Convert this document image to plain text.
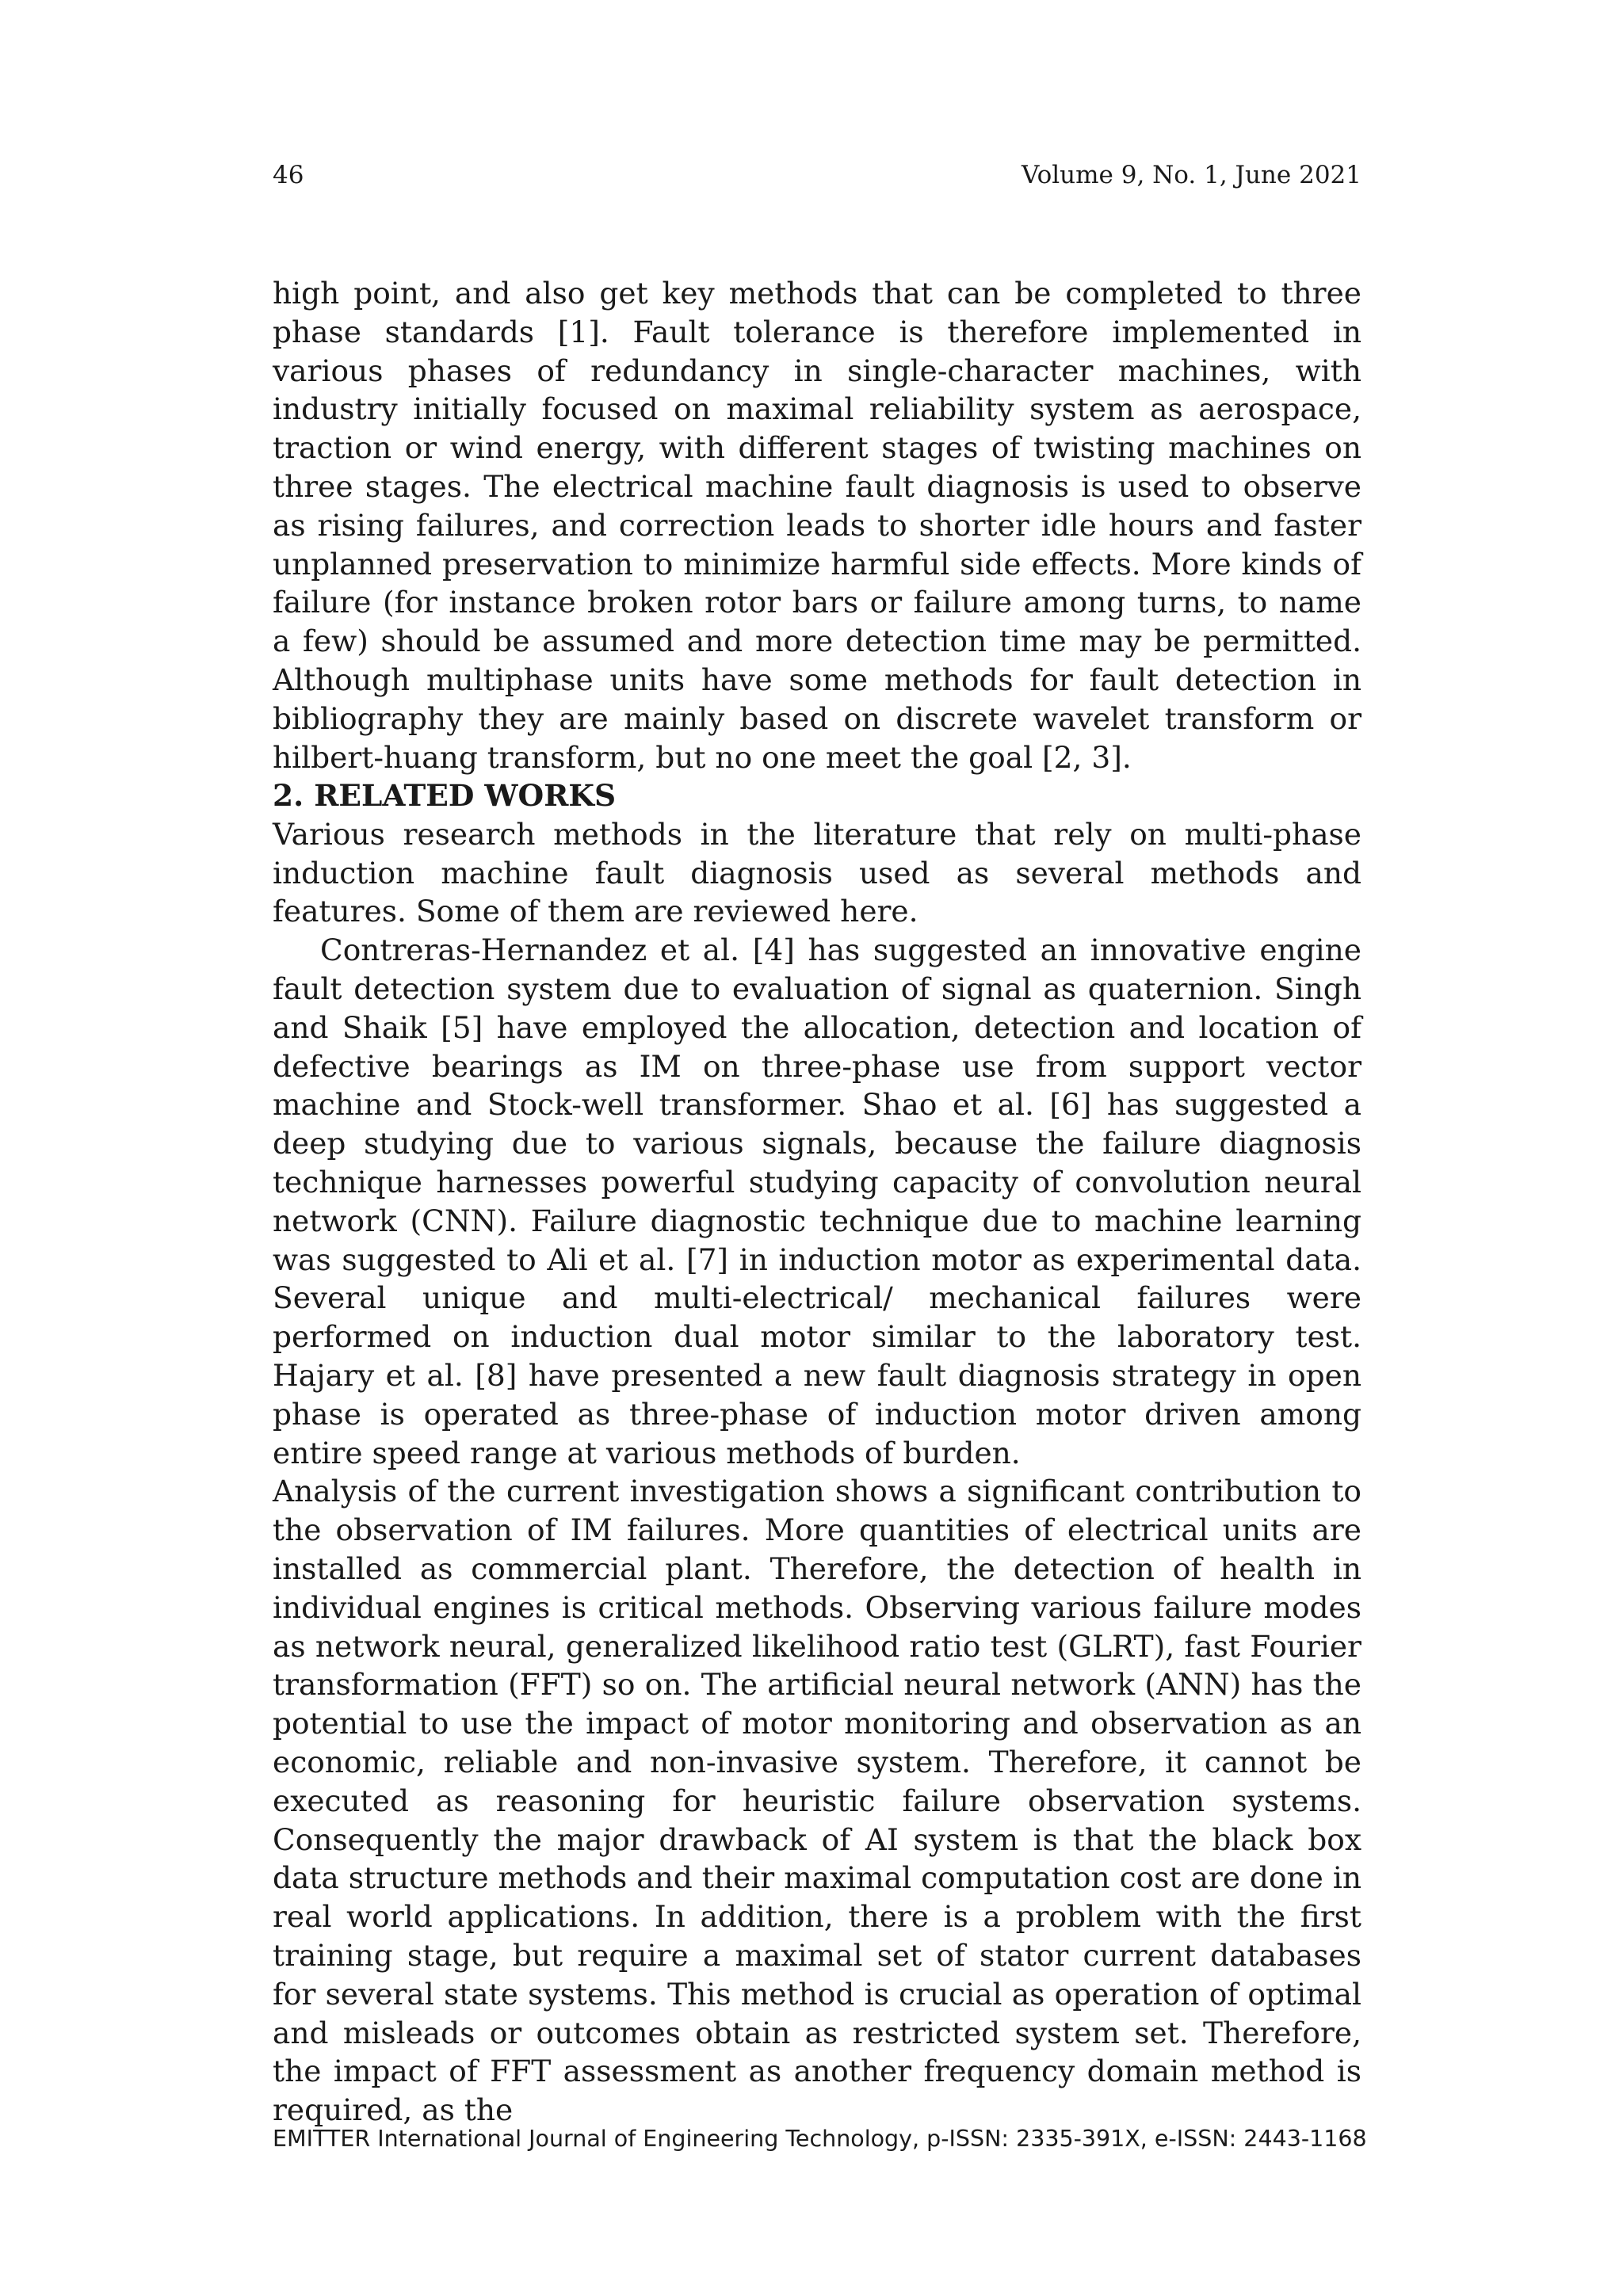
46	Volume 9, No. 1, June 2021

high point, and also get key methods that can be completed to three phase standards [1]. Fault tolerance is therefore implemented in various phases of redundancy in single-character machines, with industry initially focused on maximal reliability system as aerospace, traction or wind energy, with different stages of twisting machines on three stages. The electrical machine fault diagnosis is used to observe as rising failures, and correction leads to shorter idle hours and faster unplanned preservation to minimize harmful side effects. More kinds of failure (for instance broken rotor bars or failure among turns, to name a few) should be assumed and more detection time may be permitted. Although multiphase units have some methods for fault detection in bibliography they are mainly based on discrete wavelet transform or hilbert-huang transform, but no one meet the goal [2, 3].

2. RELATED WORKS

Various research methods in the literature that rely on multi-phase induction machine fault diagnosis used as several methods and features. Some of them are reviewed here.

Contreras-Hernandez et al. [4] has suggested an innovative engine fault detection system due to evaluation of signal as quaternion. Singh and Shaik [5] have employed the allocation, detection and location of defective bearings as IM on three-phase use from support vector machine and Stock-well transformer. Shao et al. [6] has suggested a deep studying due to various signals, because the failure diagnosis technique harnesses powerful studying capacity of convolution neural network (CNN). Failure diagnostic technique due to machine learning was suggested to Ali et al. [7] in induction motor as experimental data. Several unique and multi-electrical/ mechanical failures were performed on induction dual motor similar to the laboratory test. Hajary et al. [8] have presented a new fault diagnosis strategy in open phase is operated as three-phase of induction motor driven among entire speed range at various methods of burden.

Analysis of the current investigation shows a significant contribution to the observation of IM failures. More quantities of electrical units are installed as commercial plant. Therefore, the detection of health in individual engines is critical methods. Observing various failure modes as network neural, generalized likelihood ratio test (GLRT), fast Fourier transformation (FFT) so on. The artificial neural network (ANN) has the potential to use the impact of motor monitoring and observation as an economic, reliable and non-invasive system. Therefore, it cannot be executed as reasoning for heuristic failure observation systems. Consequently the major drawback of AI system is that the black box data structure methods and their maximal computation cost are done in real world applications. In addition, there is a problem with the first training stage, but require a maximal set of stator current databases for several state systems. This method is crucial as operation of optimal and misleads or outcomes obtain as restricted system set. Therefore, the impact of FFT assessment as another frequency domain method is required, as the

EMITTER International Journal of Engineering Technology, p-ISSN: 2335-391X, e-ISSN: 2443-1168
